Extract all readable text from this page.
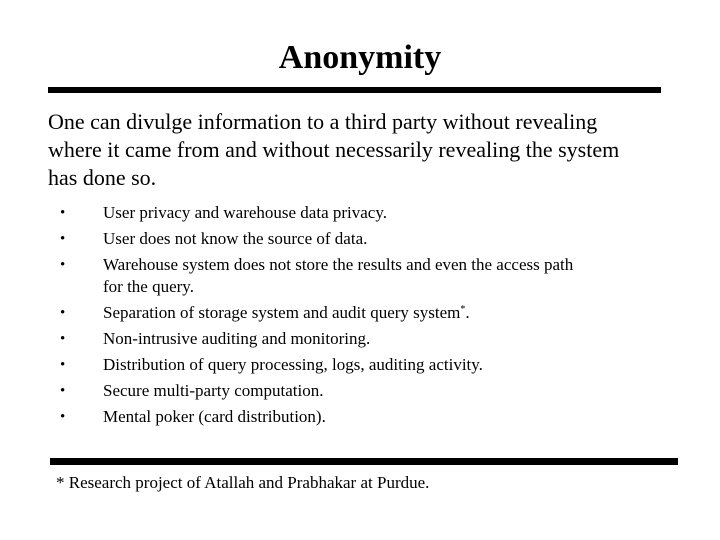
Anonymity
One can divulge information to a third party without revealing
where it came from and without necessarily revealing the system
has done so.
• User privacy and warehouse data privacy.
• User does not know the source of data.
• Warehouse system does not store the results and even the access path
for the query.
• Separation of storage system and audit query system*.
• Non-intrusive auditing and monitoring.
• Distribution of query processing, logs, auditing activity.
• Secure multi-party computation.
• Mental poker (card distribution).
* Research project of Atallah and Prabhakar at Purdue.
